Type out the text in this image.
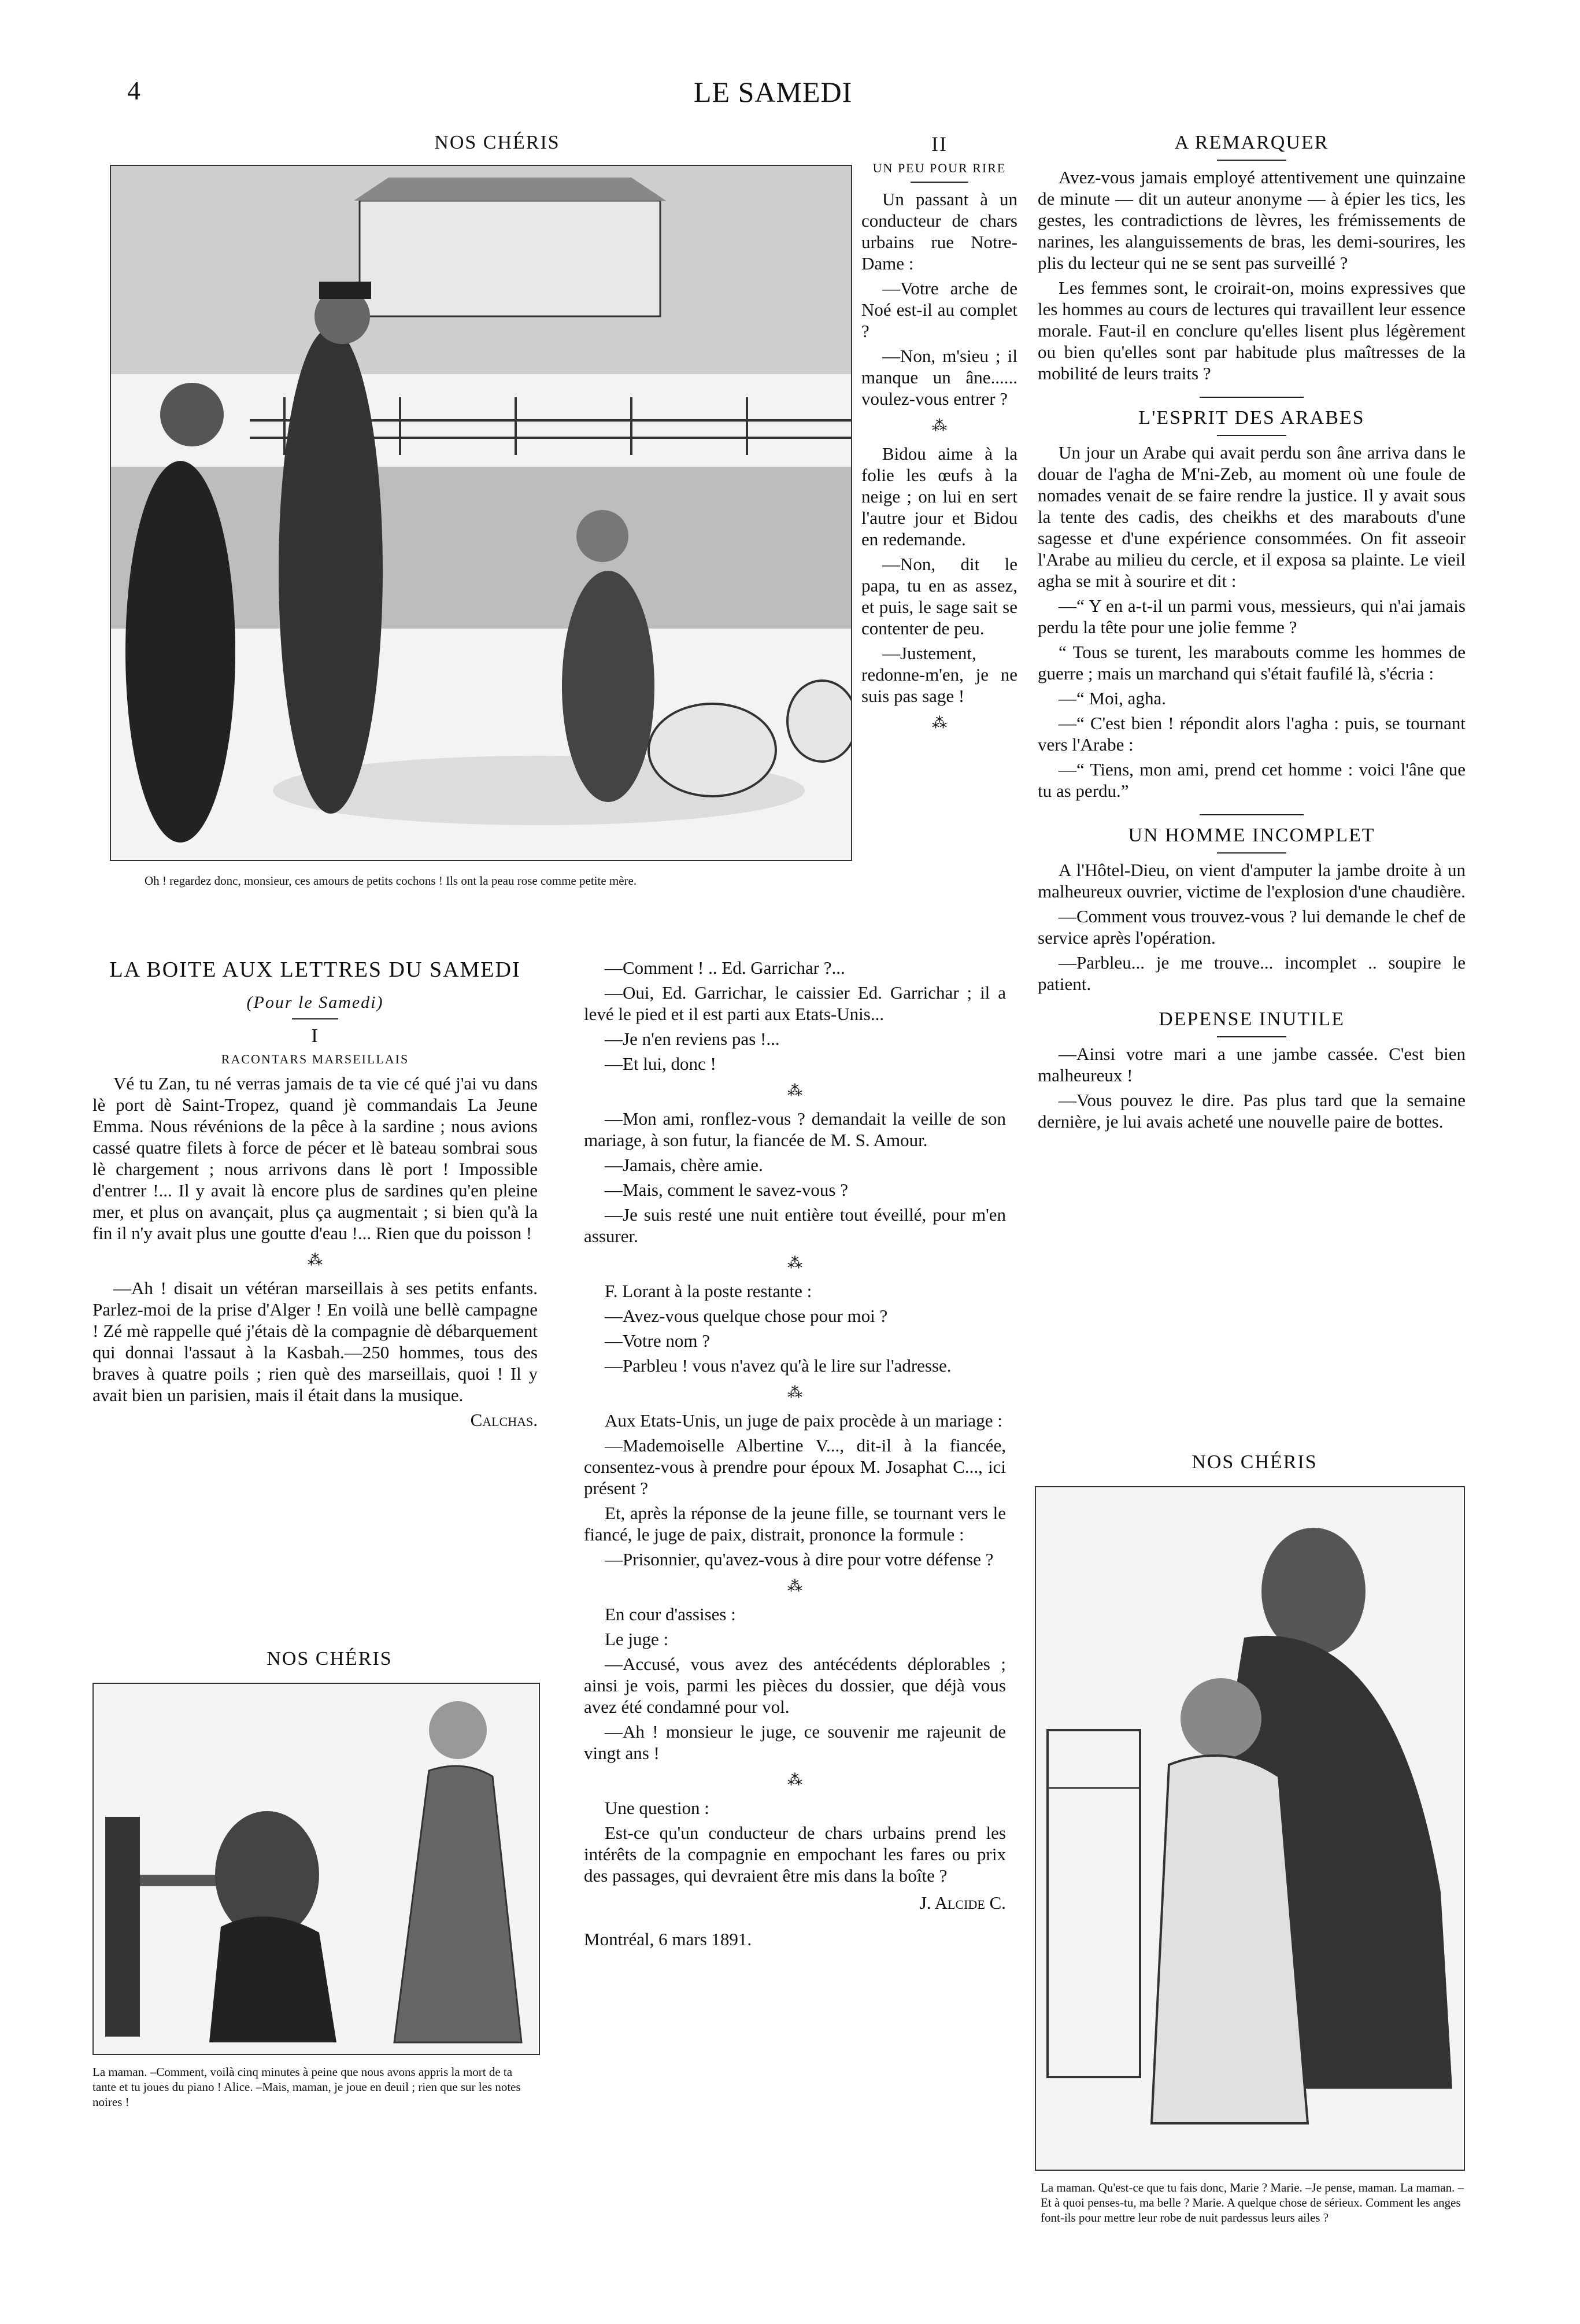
4	LE SAMEDI
NOS CHÉRIS
Oh ! regardez donc, monsieur, ces amours de petits cochons ! Ils ont la peau rose comme petite mère.
II
UN PEU POUR RIRE

Un passant à un conducteur de chars urbains rue Notre-Dame :

—Votre arche de Noé est-il au complet ?

—Non, m'sieu ; il manque un âne...... voulez-vous entrer ?

⁂

Bidou aime à la folie les œufs à la neige ; on lui en sert l'autre jour et Bidou en redemande.

—Non, dit le papa, tu en as assez, et puis, le sage sait se contenter de peu.

—Justement, redonne-m'en, je ne suis pas sage !

⁂
A REMARQUER

Avez-vous jamais employé attentivement une quinzaine de minute — dit un auteur anonyme — à épier les tics, les gestes, les contradictions de lèvres, les frémissements de narines, les alanguissements de bras, les demi-sourires, les plis du lecteur qui ne se sent pas surveillé ?

Les femmes sont, le croirait-on, moins expressives que les hommes au cours de lectures qui travaillent leur essence morale. Faut-il en conclure qu'elles lisent plus légèrement ou bien qu'elles sont par habitude plus maîtresses de la mobilité de leurs traits ?

L'ESPRIT DES ARABES

Un jour un Arabe qui avait perdu son âne arriva dans le douar de l'agha de M'ni-Zeb, au moment où une foule de nomades venait de se faire rendre la justice. Il y avait sous la tente des cadis, des cheikhs et des marabouts d'une sagesse et d'une expérience consommées. On fit asseoir l'Arabe au milieu du cercle, et il exposa sa plainte. Le vieil agha se mit à sourire et dit :

—“ Y en a-t-il un parmi vous, messieurs, qui n'ai jamais perdu la tête pour une jolie femme ?

“ Tous se turent, les marabouts comme les hommes de guerre ; mais un marchand qui s'était faufilé là, s'écria :

—“ Moi, agha.

—“ C'est bien ! répondit alors l'agha : puis, se tournant vers l'Arabe :

—“ Tiens, mon ami, prend cet homme : voici l'âne que tu as perdu.”

UN HOMME INCOMPLET

A l'Hôtel-Dieu, on vient d'amputer la jambe droite à un malheureux ouvrier, victime de l'explosion d'une chaudière.

—Comment vous trouvez-vous ? lui demande le chef de service après l'opération.

—Parbleu... je me trouve... incomplet .. soupire le patient.

DEPENSE INUTILE

—Ainsi votre mari a une jambe cassée. C'est bien malheureux !

—Vous pouvez le dire. Pas plus tard que la semaine dernière, je lui avais acheté une nouvelle paire de bottes.

NOS CHÉRIS
La maman. Qu'est-ce que tu fais donc, Marie ? Marie. –Je pense, maman. La maman. –Et à quoi penses-tu, ma belle ? Marie. A quelque chose de sérieux. Comment les anges font-ils pour mettre leur robe de nuit pardessus leurs ailes ?
LA BOITE AUX LETTRES DU SAMEDI
(Pour le Samedi)
I
RACONTARS MARSEILLAIS

Vé tu Zan, tu né verras jamais de ta vie cé qué j'ai vu dans lè port dè Saint-Tropez, quand jè commandais La Jeune Emma. Nous révénions de la pêce à la sardine ; nous avions cassé quatre filets à force de pécer et lè bateau sombrai sous lè chargement ; nous arrivons dans lè port ! Impossible d'entrer !... Il y avait là encore plus de sardines qu'en pleine mer, et plus on avançait, plus ça augmentait ; si bien qu'à la fin il n'y avait plus une goutte d'eau !... Rien que du poisson !

⁂

—Ah ! disait un vétéran marseillais à ses petits enfants. Parlez-moi de la prise d'Alger ! En voilà une bellè campagne ! Zé mè rappelle qué j'étais dè la compagnie dè débarquement qui donnai l'assaut à la Kasbah.—250 hommes, tous des braves à quatre poils ; rien què des marseillais, quoi ! Il y avait bien un parisien, mais il était dans la musique.

Calchas.
NOS CHÉRIS
La maman. –Comment, voilà cinq minutes à peine que nous avons appris la mort de ta tante et tu joues du piano ! Alice. –Mais, maman, je joue en deuil ; rien que sur les notes noires !

—Comment ! .. Ed. Garrichar ?...

—Oui, Ed. Garrichar, le caissier Ed. Garrichar ; il a levé le pied et il est parti aux Etats-Unis...

—Je n'en reviens pas !...

—Et lui, donc !

⁂

—Mon ami, ronflez-vous ? demandait la veille de son mariage, à son futur, la fiancée de M. S. Amour.

—Jamais, chère amie.

—Mais, comment le savez-vous ?

—Je suis resté une nuit entière tout éveillé, pour m'en assurer.

⁂

F. Lorant à la poste restante :

—Avez-vous quelque chose pour moi ?

—Votre nom ?

—Parbleu ! vous n'avez qu'à le lire sur l'adresse.

⁂

Aux Etats-Unis, un juge de paix procède à un mariage :

—Mademoiselle Albertine V..., dit-il à la fiancée, consentez-vous à prendre pour époux M. Josaphat C..., ici présent ?

Et, après la réponse de la jeune fille, se tournant vers le fiancé, le juge de paix, distrait, prononce la formule :

—Prisonnier, qu'avez-vous à dire pour votre défense ?

⁂

En cour d'assises :

Le juge :

—Accusé, vous avez des antécédents déplorables ; ainsi je vois, parmi les pièces du dossier, que déjà vous avez été condamné pour vol.

—Ah ! monsieur le juge, ce souvenir me rajeunit de vingt ans !

⁂

Une question :

Est-ce qu'un conducteur de chars urbains prend les intérêts de la compagnie en empochant les fares ou prix des passages, qui devraient être mis dans la boîte ?

J. Alcide C.
Montréal, 6 mars 1891.
